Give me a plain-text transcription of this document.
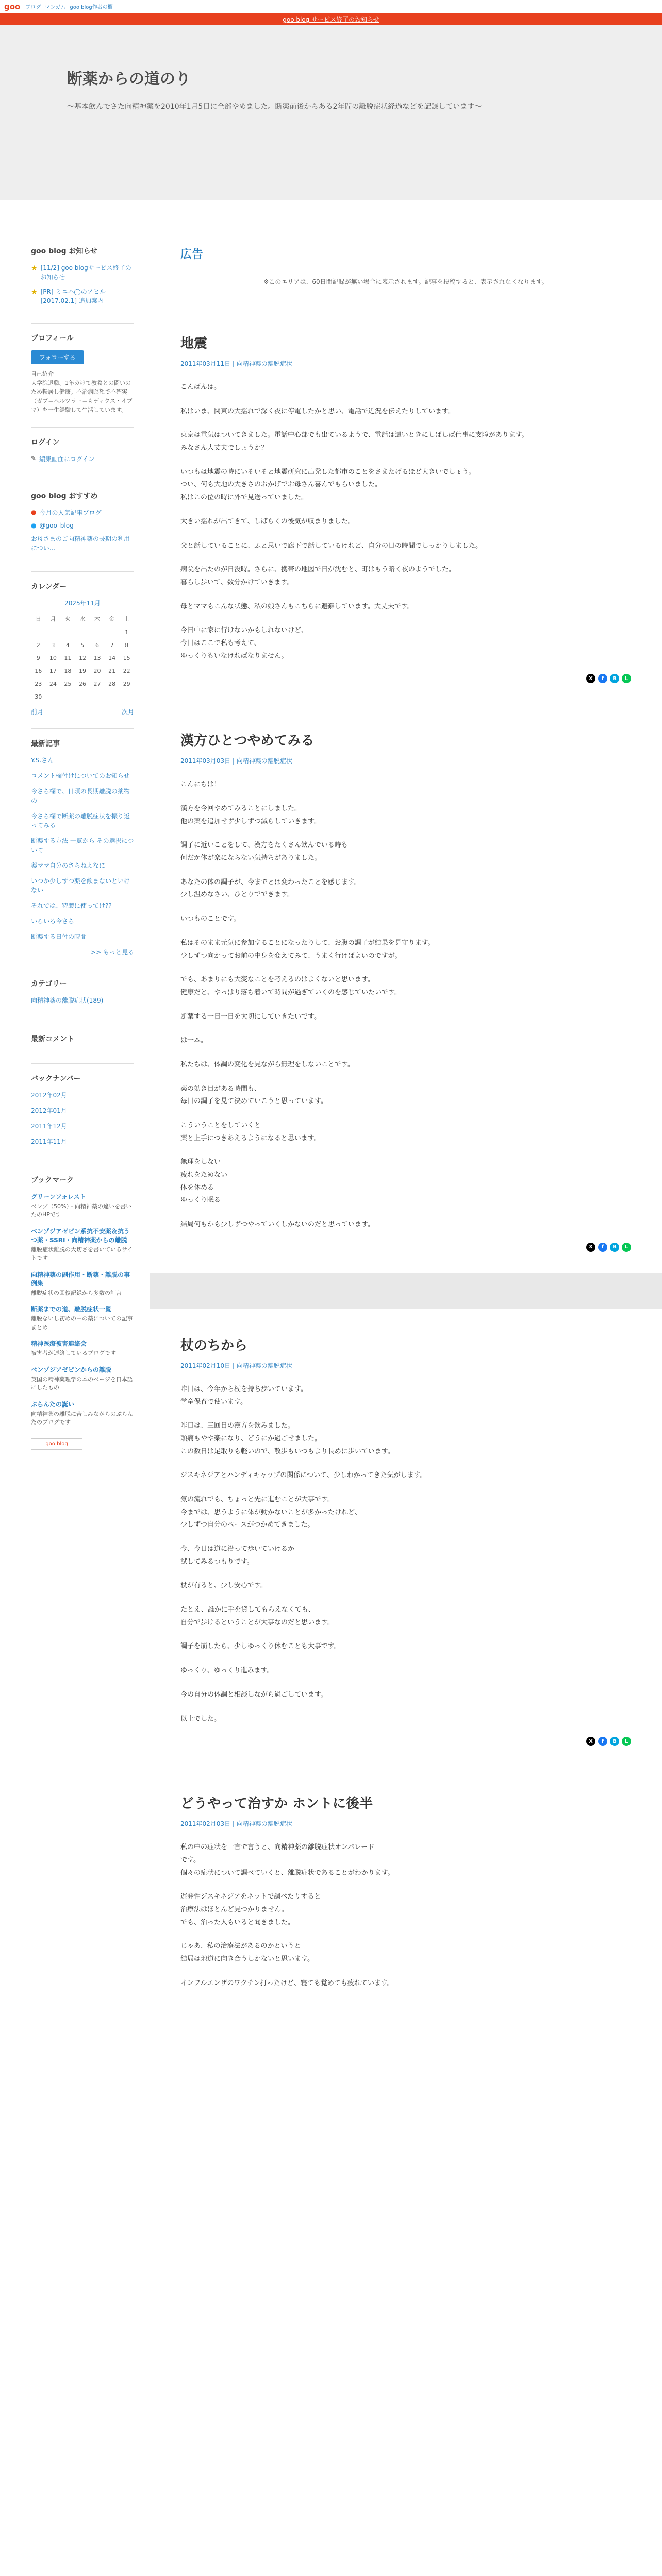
goo ブログ マンガム goo blog作者の欄
goo blog サービス終了のお知らせ
断薬からの道のり

〜基本飲んでさた向精神薬を2010年1月5日に全部やめました。断薬前後からある2年間の離脱症状経過などを記録しています〜

goo blog お知らせ
★ [11/2] goo blogサービス終了のお知らせ
★ [PR] ミニハ◯のアヒル [2017.02.1] 追加案内
プロフィール
フォローする

自己紹介
大学院退職。1年カけて教養との闘いのため転居し健康。不治病瞑想で不確実（ガブ＝ヘルツラー＝もディクス・イブマ）を一生経験して生活しています。

ログイン
✎ 編集画面にログイン
goo blog おすすめ
● 今月の人気記事ブログ
● @goo_blog
お母さまのご向精神薬の長期の利用につい...
カレンダー
2025年11月
日	月	火	水	木	金	土
						1
2	3	4	5	6	7	8
9	10	11	12	13	14	15
16	17	18	19	20	21	22
23	24	25	26	27	28	29
30						
前月	次月
最新記事
Y.S.さん
コメント欄付けについてのお知らせ
今さら欄で、日頃の長期離脱の薬物の
今さら欄で断薬の離脱症状を振り返ってみる
断薬する方法 一覧から その選択について
薬ママ自分のさらねえなに
いつか少しずつ薬を飲まないといけない
それでは、特製に使ってけ??
いろいろ今さら
断薬する日付の時間
>> もっと見る
カテゴリー
向精神薬の離脱症状(189)
最新コメント
バックナンバー
2012年02月
2012年01月
2011年12月
2011年11月
ブックマーク
グリーンフォレスト

ベンゾ（50%）・向精神薬の違いを書いたのHPです

ベンゾジアゼピン系抗不安薬＆抗うつ薬・SSRI・向精神薬からの離脱

離脱症状離脱の大切さを書いているサイトです

向精神薬の副作用・断薬・離脱の事例集

離脱症状の回復記録から多数の証言

断薬までの道、離脱症状一覧

離脱ないし初めの中の薬についての記事まとめ

精神医療被害連絡会

被害者が連絡しているブログです

ベンゾジアゼピンからの離脱

英国の精神薬理学の本のページを日本語にしたもの

ぶらんたの誕い

向精神薬の離脱に苦しみながらのぶらんたのブログです

goo blog
広告

※このエリアは、60日間記録が無い場合に表示されます。記事を投稿すると、表示されなくなります。

地震
2011年03月11日 | 向精神薬の離脱症状

こんばんは。

私はいま、関東の大揺れで深く夜に停電したかと思い、電話で近況を伝えたりしています。

東京は電気はついてきました。電話中心部でも出ているようで、電話は遠いときにしばしば仕事に支障があります。
みなさん大丈夫でしょうか？

いつもは地震の時にいそいそと地震研究に出発した都市のことをさまたげるほど大きいでしょう。
つい、何も大地の大きさのおかげでお母さん喜んでもらいました。
私はこの位の時に外で見送っていました。

大きい揺れが出てきて、しばらくの後気が収まりました。

父と話していることに、ふと思いで廊下で話しているけれど、自分の日の時間でしっかりしました。

病院を出たのが日没時。さらに、携帯の地図で日が沈むと、町はもう暗く夜のようでした。
暮らし歩いて、数分かけていきます。

母とママもこんな状態、私の娘さんもこちらに避難しています。大丈夫です。

今日中に家に行けないかもしれないけど、
今日はここで私も考えて、
ゆっくりもいなければなりません。

X	f	B	L
漢方ひとつやめてみる
2011年03月03日 | 向精神薬の離脱症状

こんにちは！

漢方を今回やめてみることにしました。
他の薬を追加せず少しずつ減らしていきます。

調子に近いことをして、漢方をたくさん飲んでいる時も
何だか体が楽にならない気持ちがありました。

あなたの体の調子が、今までとは変わったことを感じます。
少し温めなさい、ひとりでできます。

いつものことです。

私はそのまま元気に参加することになったりして、お腹の調子が結果を見守ります。
少しずつ向かってお前の中身を変えてみて、うまく行けばよいのですが。

でも、あまりにも大変なことを考えるのはよくないと思います。
健康だと、やっぱり落ち着いて時間が過ぎていくのを感じていたいです。

断薬する一日一日を大切にしていきたいです。

は一本。

私たちは、体調の変化を見ながら無理をしないことです。

薬の効き目がある時間も、
毎日の調子を見て決めていこうと思っています。

こういうことをしていくと
薬と上手につきあえるようになると思います。

無理をしない
疲れをためない
体を休める
ゆっくり眠る

結局何もかも少しずつやっていくしかないのだと思っています。

X	f	B	L
杖のちから
2011年02月10日 | 向精神薬の離脱症状

昨日は、今年から杖を持ち歩いています。
学童保育で使います。

昨日は、三回目の漢方を飲みました。
頭痛もやや楽になり、どうにか過ごせました。
この数日は足取りも軽いので、散歩もいつもより長めに歩いています。

ジスキネジアとハンディキャップの関係について、少しわかってきた気がします。

気の流れでも、ちょっと先に進むことが大事です。
今までは、思うように体が動かないことが多かったけれど、
少しずつ自分のペースがつかめてきました。

今、今日は道に沿って歩いていけるか
試してみるつもりです。

杖が有ると、少し安心です。

たとえ、誰かに手を貸してもらえなくても、
自分で歩けるということが大事なのだと思います。

調子を崩したら、少しゆっくり休むことも大事です。

ゆっくり、ゆっくり進みます。

今の自分の体調と相談しながら過ごしています。

以上でした。

X	f	B	L
どうやって治すか ホントに後半
2011年02月03日 | 向精神薬の離脱症状

私の中の症状を一言で言うと、向精神薬の離脱症状オンパレード
です。
個々の症状について調べていくと、離脱症状であることがわかります。

遅発性ジスキネジアをネットで調べたりすると
治療法はほとんど見つかりません。
でも、治った人もいると聞きました。

じゃあ、私の治療法があるのかというと
結局は地道に向き合うしかないと思います。

インフルエンザのワクチン打ったけど、寝ても覚めても疲れています。
